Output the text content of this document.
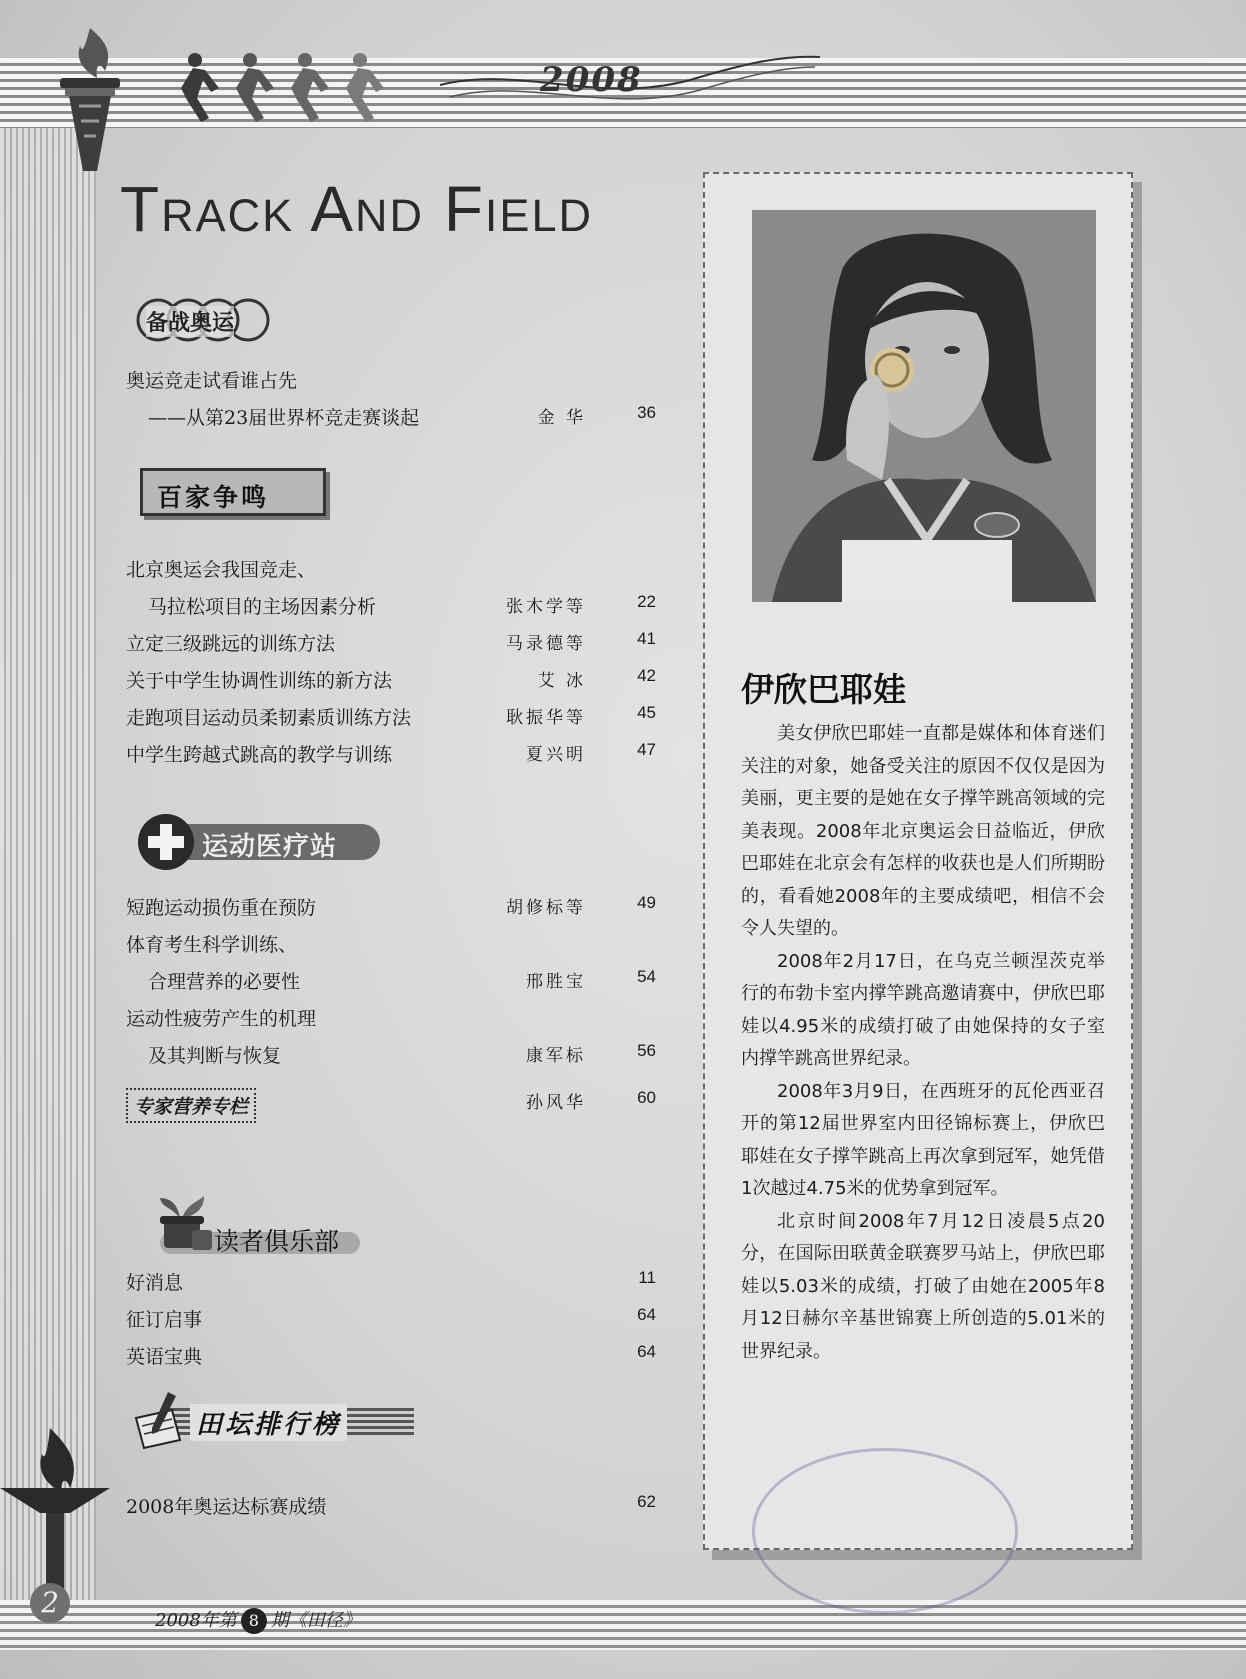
2008
Track And Field
备战奥运
奥运竞走试看谁占先
——从第23届世界杯竞走赛谈起	金 华	36
百家争鸣
北京奥运会我国竞走、
马拉松项目的主场因素分析	张木学等	22
立定三级跳远的训练方法	马录德等	41
关于中学生协调性训练的新方法	艾 冰	42
走跑项目运动员柔韧素质训练方法	耿振华等	45
中学生跨越式跳高的教学与训练	夏兴明	47
运动医疗站
短跑运动损伤重在预防	胡修标等	49
体育考生科学训练、
合理营养的必要性	邢胜宝	54
运动性疲劳产生的机理
及其判断与恢复	康军标	56
专家营养专栏	孙风华	60
读者俱乐部
好消息	11
征订启事	64
英语宝典	64
田坛排行榜
2008年奥运达标赛成绩	62
伊欣巴耶娃

美女伊欣巴耶娃一直都是媒体和体育迷们关注的对象，她备受关注的原因不仅仅是因为美丽，更主要的是她在女子撑竿跳高领域的完美表现。2008年北京奥运会日益临近，伊欣巴耶娃在北京会有怎样的收获也是人们所期盼的，看看她2008年的主要成绩吧，相信不会令人失望的。

2008年2月17日，在乌克兰顿涅茨克举行的布勃卡室内撑竿跳高邀请赛中，伊欣巴耶娃以4.95米的成绩打破了由她保持的女子室内撑竿跳高世界纪录。

2008年3月9日，在西班牙的瓦伦西亚召开的第12届世界室内田径锦标赛上，伊欣巴耶娃在女子撑竿跳高上再次拿到冠军，她凭借1次越过4.75米的优势拿到冠军。

北京时间2008年7月12日凌晨5点20分，在国际田联黄金联赛罗马站上，伊欣巴耶娃以5.03米的成绩，打破了由她在2005年8月12日赫尔辛基世锦赛上所创造的5.01米的世界纪录。

2
2008年第 8 期《田径》
